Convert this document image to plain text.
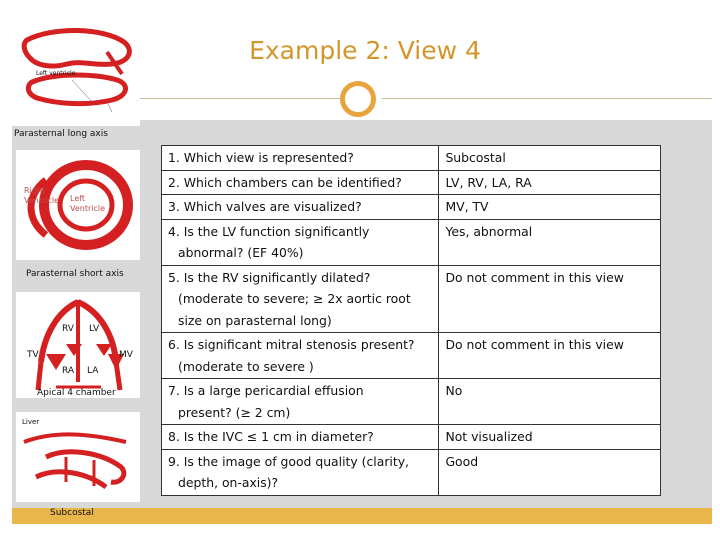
Example 2: View 4
Left ventricle
Parasternal long axis
Right
Ventricle Left
Ventricle
Parasternal short axis
RV LV
TV	MV
RA LA
Apical 4 chamber
Liver
Subcostal
1. Which view is represented?	Subcostal

2. Which chambers can be identified?	LV, RV, LA, RA

3. Which valves are visualized?	MV, TV

4. Is the LV function significantly
abnormal? (EF 40%)	Yes, abnormal

5. Is the RV significantly dilated?
(moderate to severe; ≥ 2x aortic root
size on parasternal long)	Do not comment in this view

6. Is significant mitral stenosis present?
(moderate to severe )	Do not comment in this view

7. Is a large pericardial effusion
present? (≥ 2 cm)	No

8. Is the IVC ≤ 1 cm in diameter?	Not visualized

9. Is the image of good quality (clarity,
depth, on-axis)?	Good
